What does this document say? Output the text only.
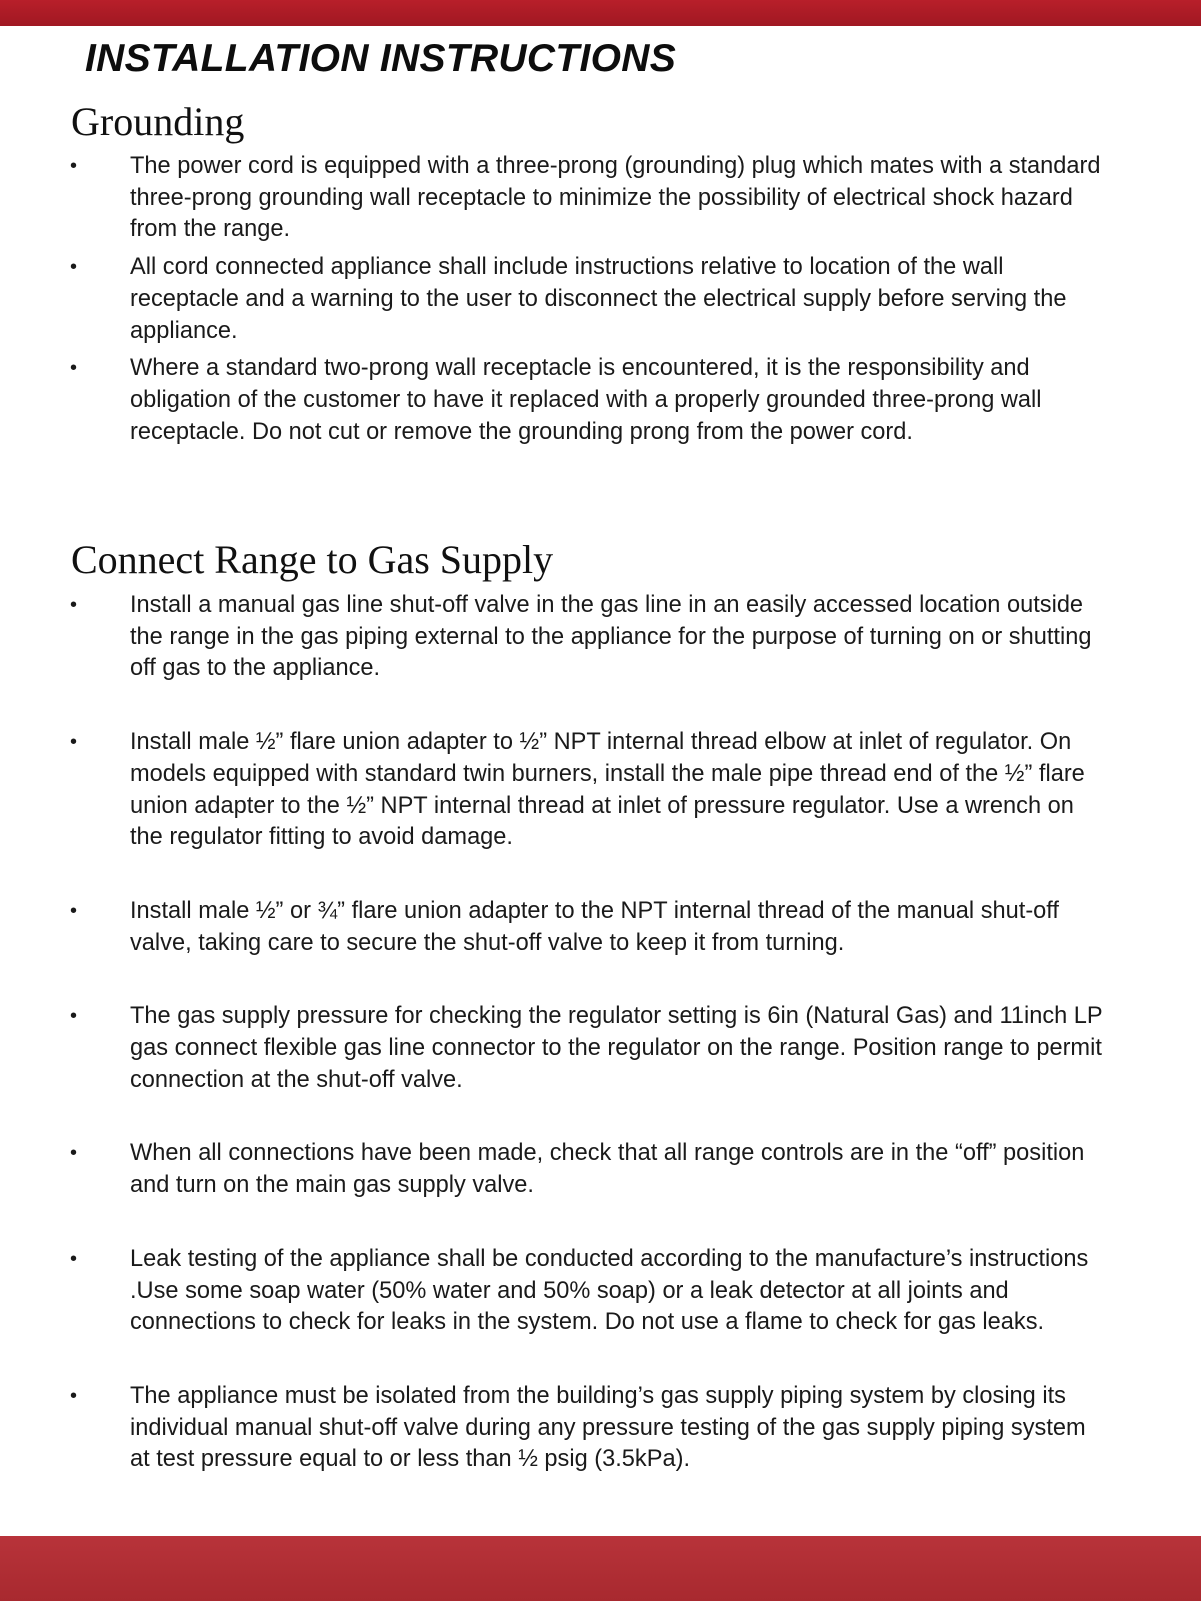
INSTALLATION INSTRUCTIONS
Grounding
• The power cord is equipped with a three-prong (grounding) plug which mates with a standard three-prong grounding wall receptacle to minimize the possibility of electrical shock hazard from the range.
• All cord connected appliance shall include instructions relative to location of the wall receptacle and a warning to the user to disconnect the electrical supply before serving the appliance.
• Where a standard two-prong wall receptacle is encountered, it is the responsibility and obligation of the customer to have it replaced with a properly grounded three-prong wall receptacle. Do not cut or remove the grounding prong from the power cord.
Connect Range to Gas Supply
• Install a manual gas line shut-off valve in the gas line in an easily accessed location outside the range in the gas piping external to the appliance for the purpose of turning on or shutting off gas to the appliance.
• Install male ½” flare union adapter to ½” NPT internal thread elbow at inlet of regulator. On models equipped with standard twin burners, install the male pipe thread end of the ½” flare union adapter to the ½” NPT internal thread at inlet of pressure regulator. Use a wrench on the regulator fitting to avoid damage.
• Install male ½” or ¾” flare union adapter to the NPT internal thread of the manual shut-off valve, taking care to secure the shut-off valve to keep it from turning.
• The gas supply pressure for checking the regulator setting is 6in (Natural Gas) and 11inch LP gas connect flexible gas line connector to the regulator on the range. Position range to permit connection at the shut-off valve.
• When all connections have been made, check that all range controls are in the “off” position and turn on the main gas supply valve.
• Leak testing of the appliance shall be conducted according to the manufacture’s instructions .Use some soap water (50% water and 50% soap) or a leak detector at all joints and connections to check for leaks in the system. Do not use a flame to check for gas leaks.
• The appliance must be isolated from the building’s gas supply piping system by closing its individual manual shut-off valve during any pressure testing of the gas supply piping system at test pressure equal to or less than ½ psig (3.5kPa).
